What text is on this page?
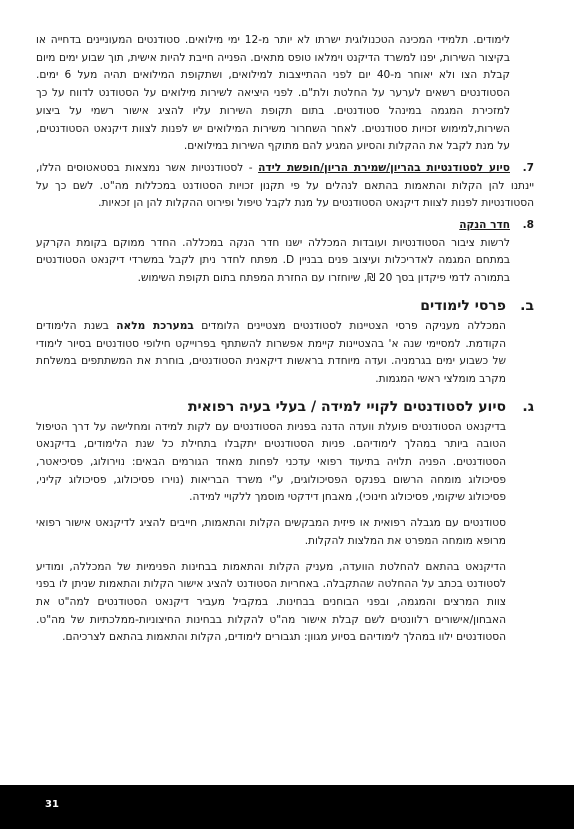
לימודים. תלמידי המכינה הטכנולוגית ישרתו לא יותר מ-12 ימי מילואים. סטודנטים המעוניינים בדחייה או בקיצור השירות, יפנו למשרד הדיקנט וימלאו טופס מתאים. הפנייה חייבת להיות אישית, תוך שבוע ימים מיום קבלת הצו ולא יאוחר מ-40 יום לפני ההתייצבות למילואים, ושתקופת המילואים תהיה מעל 6 ימים. הסטודנטים רשאים לערער על החלטת ולת"ם. לפני היציאה לשירות מילואים על הסטודנט לדווח על כך למזכירת המגמה במינהל סטודנטים. בתום תקופת השירות עליו להציג אישור רשמי על ביצוע השירות,למימוש זכויות סטודנטים. לאחר השחרור משירות המילואים יש לפנות לצוות דיקנאט הסטודנטים, על מנת לקבל את ההקלות והסיוע המגיע להם מתוקף השירות במילואים.

7.סיוע לסטודנטיות בהריון/שמירת הריון/חופשת לידה - לסטודנטיות אשר נמצאות בסטאטוסים הללו, יינתנו להן הקלות והתאמות בהתאם לנהלים על פי תקנון זכויות הסטודנט במכללות מה"ט. לשם כך על הסטודנטיות לפנות לצוות דיקנאט הסטודנטים על מנת לקבל טיפול ופירוט ההקלות להן הן זכאיות.

8.חדר הנקה

לרשות ציבור הסטודנטיות ועובדות המכללה ישנו חדר הנקה במכללה. החדר ממוקם בקומת הקרקע במתחם המגמה לאדריכלות ועיצוב פנים בבניין D. מפתח לחדר ניתן לקבל במשרדי דיקנאט הסטודנטים בתמורה לדמי פיקדון בסך 20 ₪, שיוחזרו עם החזרת המפתח בתום תקופת השימוש.

ב.
פרסי לימודים

המכללה מעניקה פרסי הצטיינות לסטודנטים מצטיינים הלומדים במערכת מלאה בשנת הלימודים הקודמת. למסיימי שנה א' בהצטיינות קיימת אפשרות להשתתף בפרוייקט חילופי סטודנטים בסיור לימודי של כשבוע ימים בגרמניה. ועדה מיוחדת בראשות דיקאנית הסטודנטים, בוחרת את המשתתפים במשלחת מקרב מומלצי ראשי המגמות.

ג.
סיוע לסטודנטים לקויי למידה / בעלי בעיה רפואית

בדיקנאט הסטודנטים פועלת וועדה הדנה בפניות הסטודנטים עם לקות למידה ומחלישה על דרך הטיפול הטובה ביותר במהלך לימודיהם. פניות הסטודנטים יתקבלו בתחילת כל שנת הלימודים, בדיקנאט הסטודנטים. הפניה תלויה בתיעוד רפואי עדכני לפחות מאחד הגורמים הבאים: נוירולוג, פסיכיאטר, פסיכולוג מומחה הרשום בפנקס הפסיכולוגים, ע"י משרד הבריאות (נוירו פסיכולוג, פסיכולוג קליני, פסיכולוג שיקומי, פסיכולוג חינוכי), מאבחן דידקטי מוסמך ללקויי למידה.

סטודנטים עם מגבלה רפואית או פיזית המבקשים הקלות והתאמות, חייבים להציג לדיקנאט אישור רפואי מרופא מומחה המפרט את המלצות להקלות.

הדיקנאט בהתאם להחלטת הוועדה, מעניק הקלות והתאמות בבחינות הפנימיות של המכללה, ומודיע לסטודנט בכתב על ההחלטה שהתקבלה. באחריות הסטודנט להציג אישור הקלות והתאמות שניתן לו בפני צוות המרצים והמגמה, ובפני הבוחנים בבחינות. במקביל מעביר דיקנאט הסטודנטים למה"ט את האבחון/אישורים רלוונטים לשם קבלת אישור מה"ט להקלות בבחינות החיצוניות-ממלכתיות של מה"ט. הסטודנטים ילוו במהלך לימודיהם בסיוע מגוון: תגבורים לימודים, הקלות והתאמות בהתאם לצרכיהם.

31
